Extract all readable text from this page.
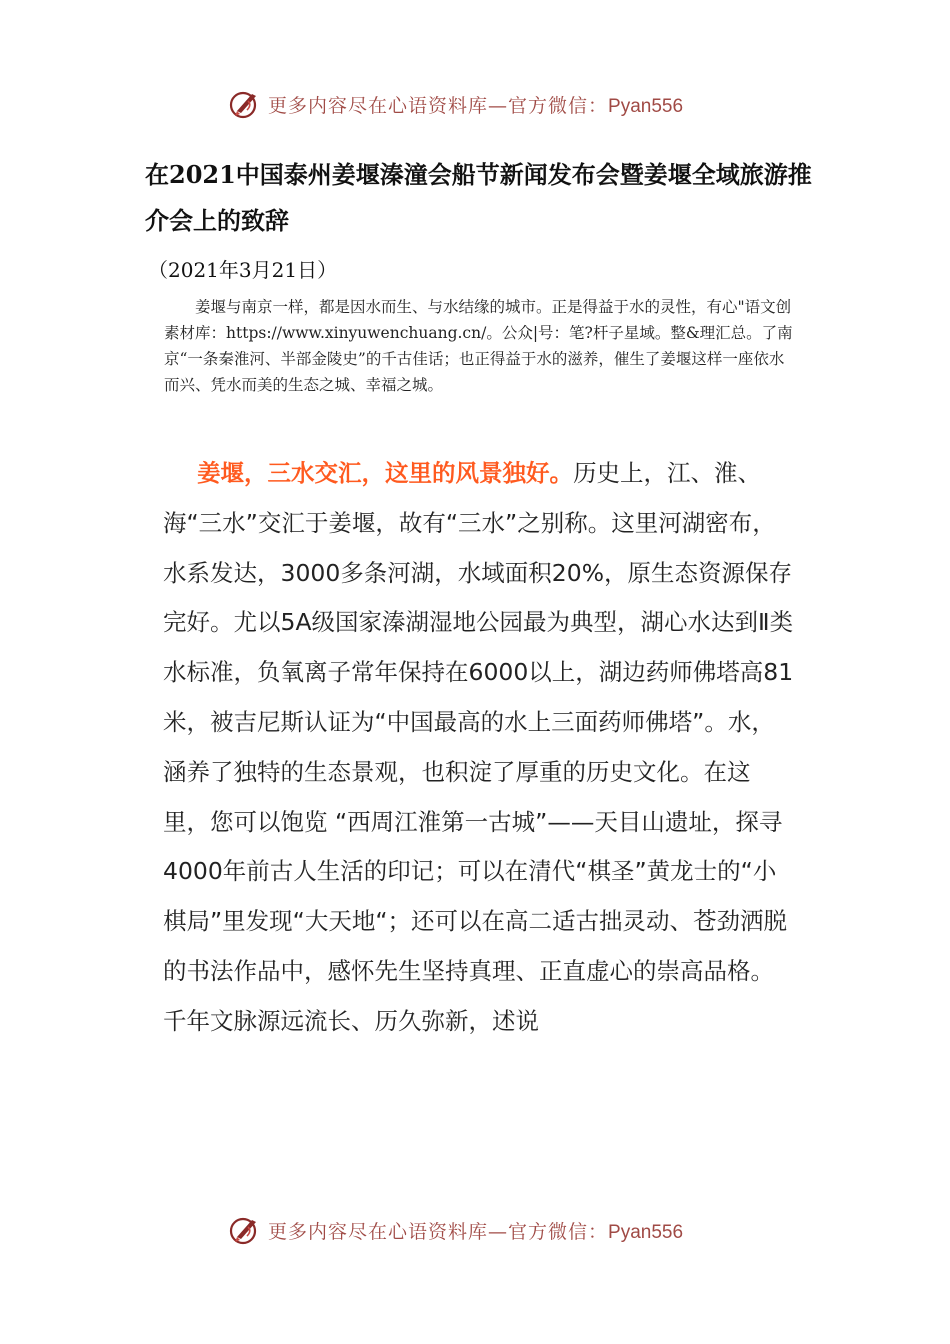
更多内容尽在心语资料库—官方微信：Pyan556
在2021中国泰州姜堰溱潼会船节新闻发布会暨姜堰全域旅游推介会上的致辞
（2021年3月21日）
姜堰与南京一样，都是因水而生、与水结缘的城市。正是得益于水的灵性，有心"语文创素材库：https://www.xinyuwenchuang.cn/。公众|号：笔?杆子星域。整&理汇总。了南京“一条秦淮河、半部金陵史”的千古佳话；也正得益于水的滋养，催生了姜堰这样一座依水而兴、凭水而美的生态之城、幸福之城。
姜堰，三水交汇，这里的风景独好。历史上，江、淮、海“三水”交汇于姜堰，故有“三水”之别称。这里河湖密布，水系发达，3000多条河湖，水域面积20%，原生态资源保存完好。尤以5A级国家溱湖湿地公园最为典型，湖心水达到Ⅱ类水标准，负氧离子常年保持在6000以上，湖边药师佛塔高81米，被吉尼斯认证为“中国最高的水上三面药师佛塔”。水，涵养了独特的生态景观，也积淀了厚重的历史文化。在这里，您可以饱览 “西周江淮第一古城”——天目山遗址，探寻4000年前古人生活的印记；可以在清代“棋圣”黄龙士的“小棋局”里发现“大天地“；还可以在高二适古拙灵动、苍劲洒脱的书法作品中，感怀先生坚持真理、正直虚心的崇高品格。千年文脉源远流长、历久弥新，述说
更多内容尽在心语资料库—官方微信：Pyan556
